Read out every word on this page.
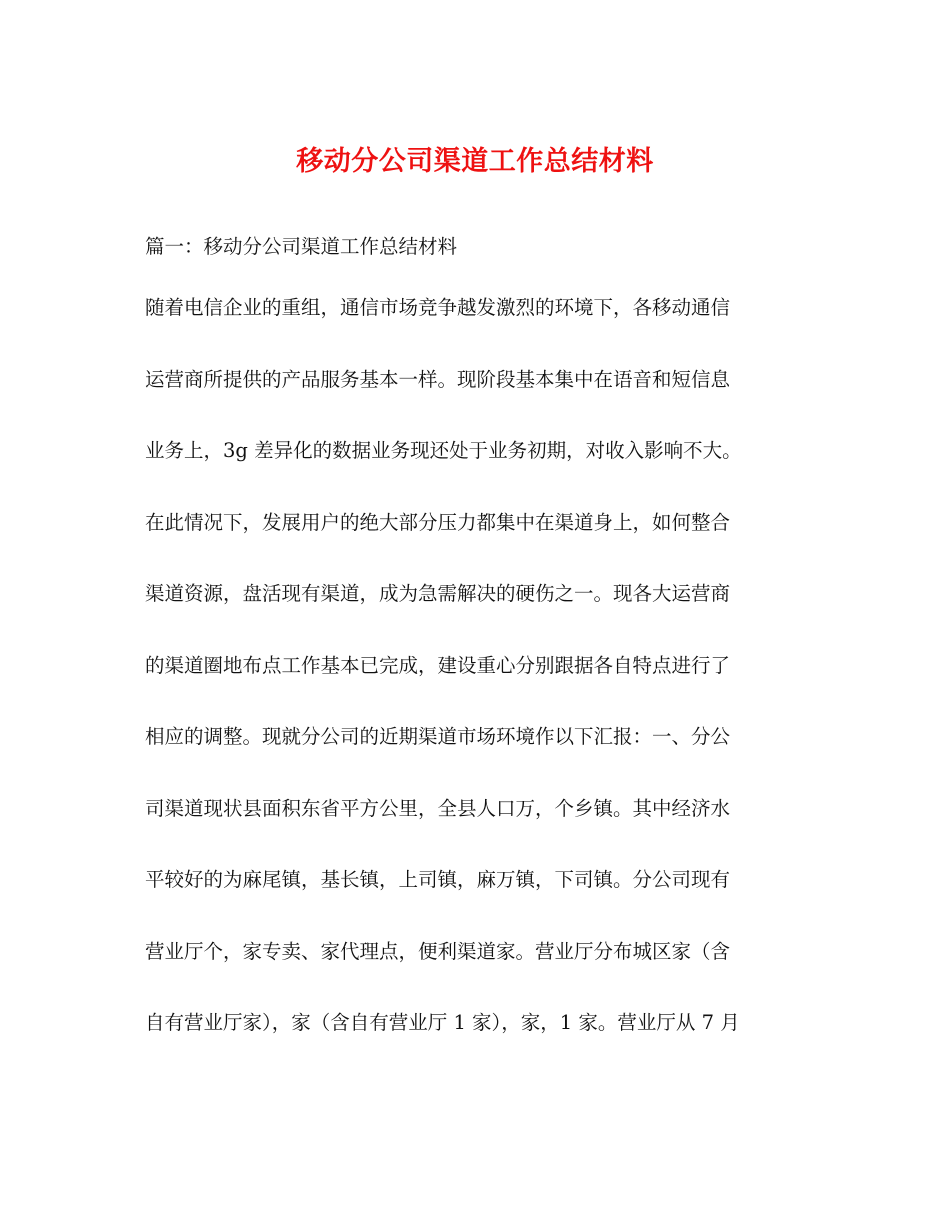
移动分公司渠道工作总结材料
篇一：移动分公司渠道工作总结材料
随着电信企业的重组，通信市场竞争越发激烈的环境下，各移动通信
运营商所提供的产品服务基本一样。现阶段基本集中在语音和短信息
业务上，3g 差异化的数据业务现还处于业务初期，对收入影响不大。
在此情况下，发展用户的绝大部分压力都集中在渠道身上，如何整合
渠道资源，盘活现有渠道，成为急需解决的硬伤之一。现各大运营商
的渠道圈地布点工作基本已完成，建设重心分别跟据各自特点进行了
相应的调整。现就分公司的近期渠道市场环境作以下汇报：一、分公
司渠道现状县面积东省平方公里，全县人口万，个乡镇。其中经济水
平较好的为麻尾镇，基长镇，上司镇，麻万镇，下司镇。分公司现有
营业厅个，家专卖、家代理点，便利渠道家。营业厅分布城区家（含
自有营业厅家），家（含自有营业厅 1 家），家，1 家。营业厅从 7 月
